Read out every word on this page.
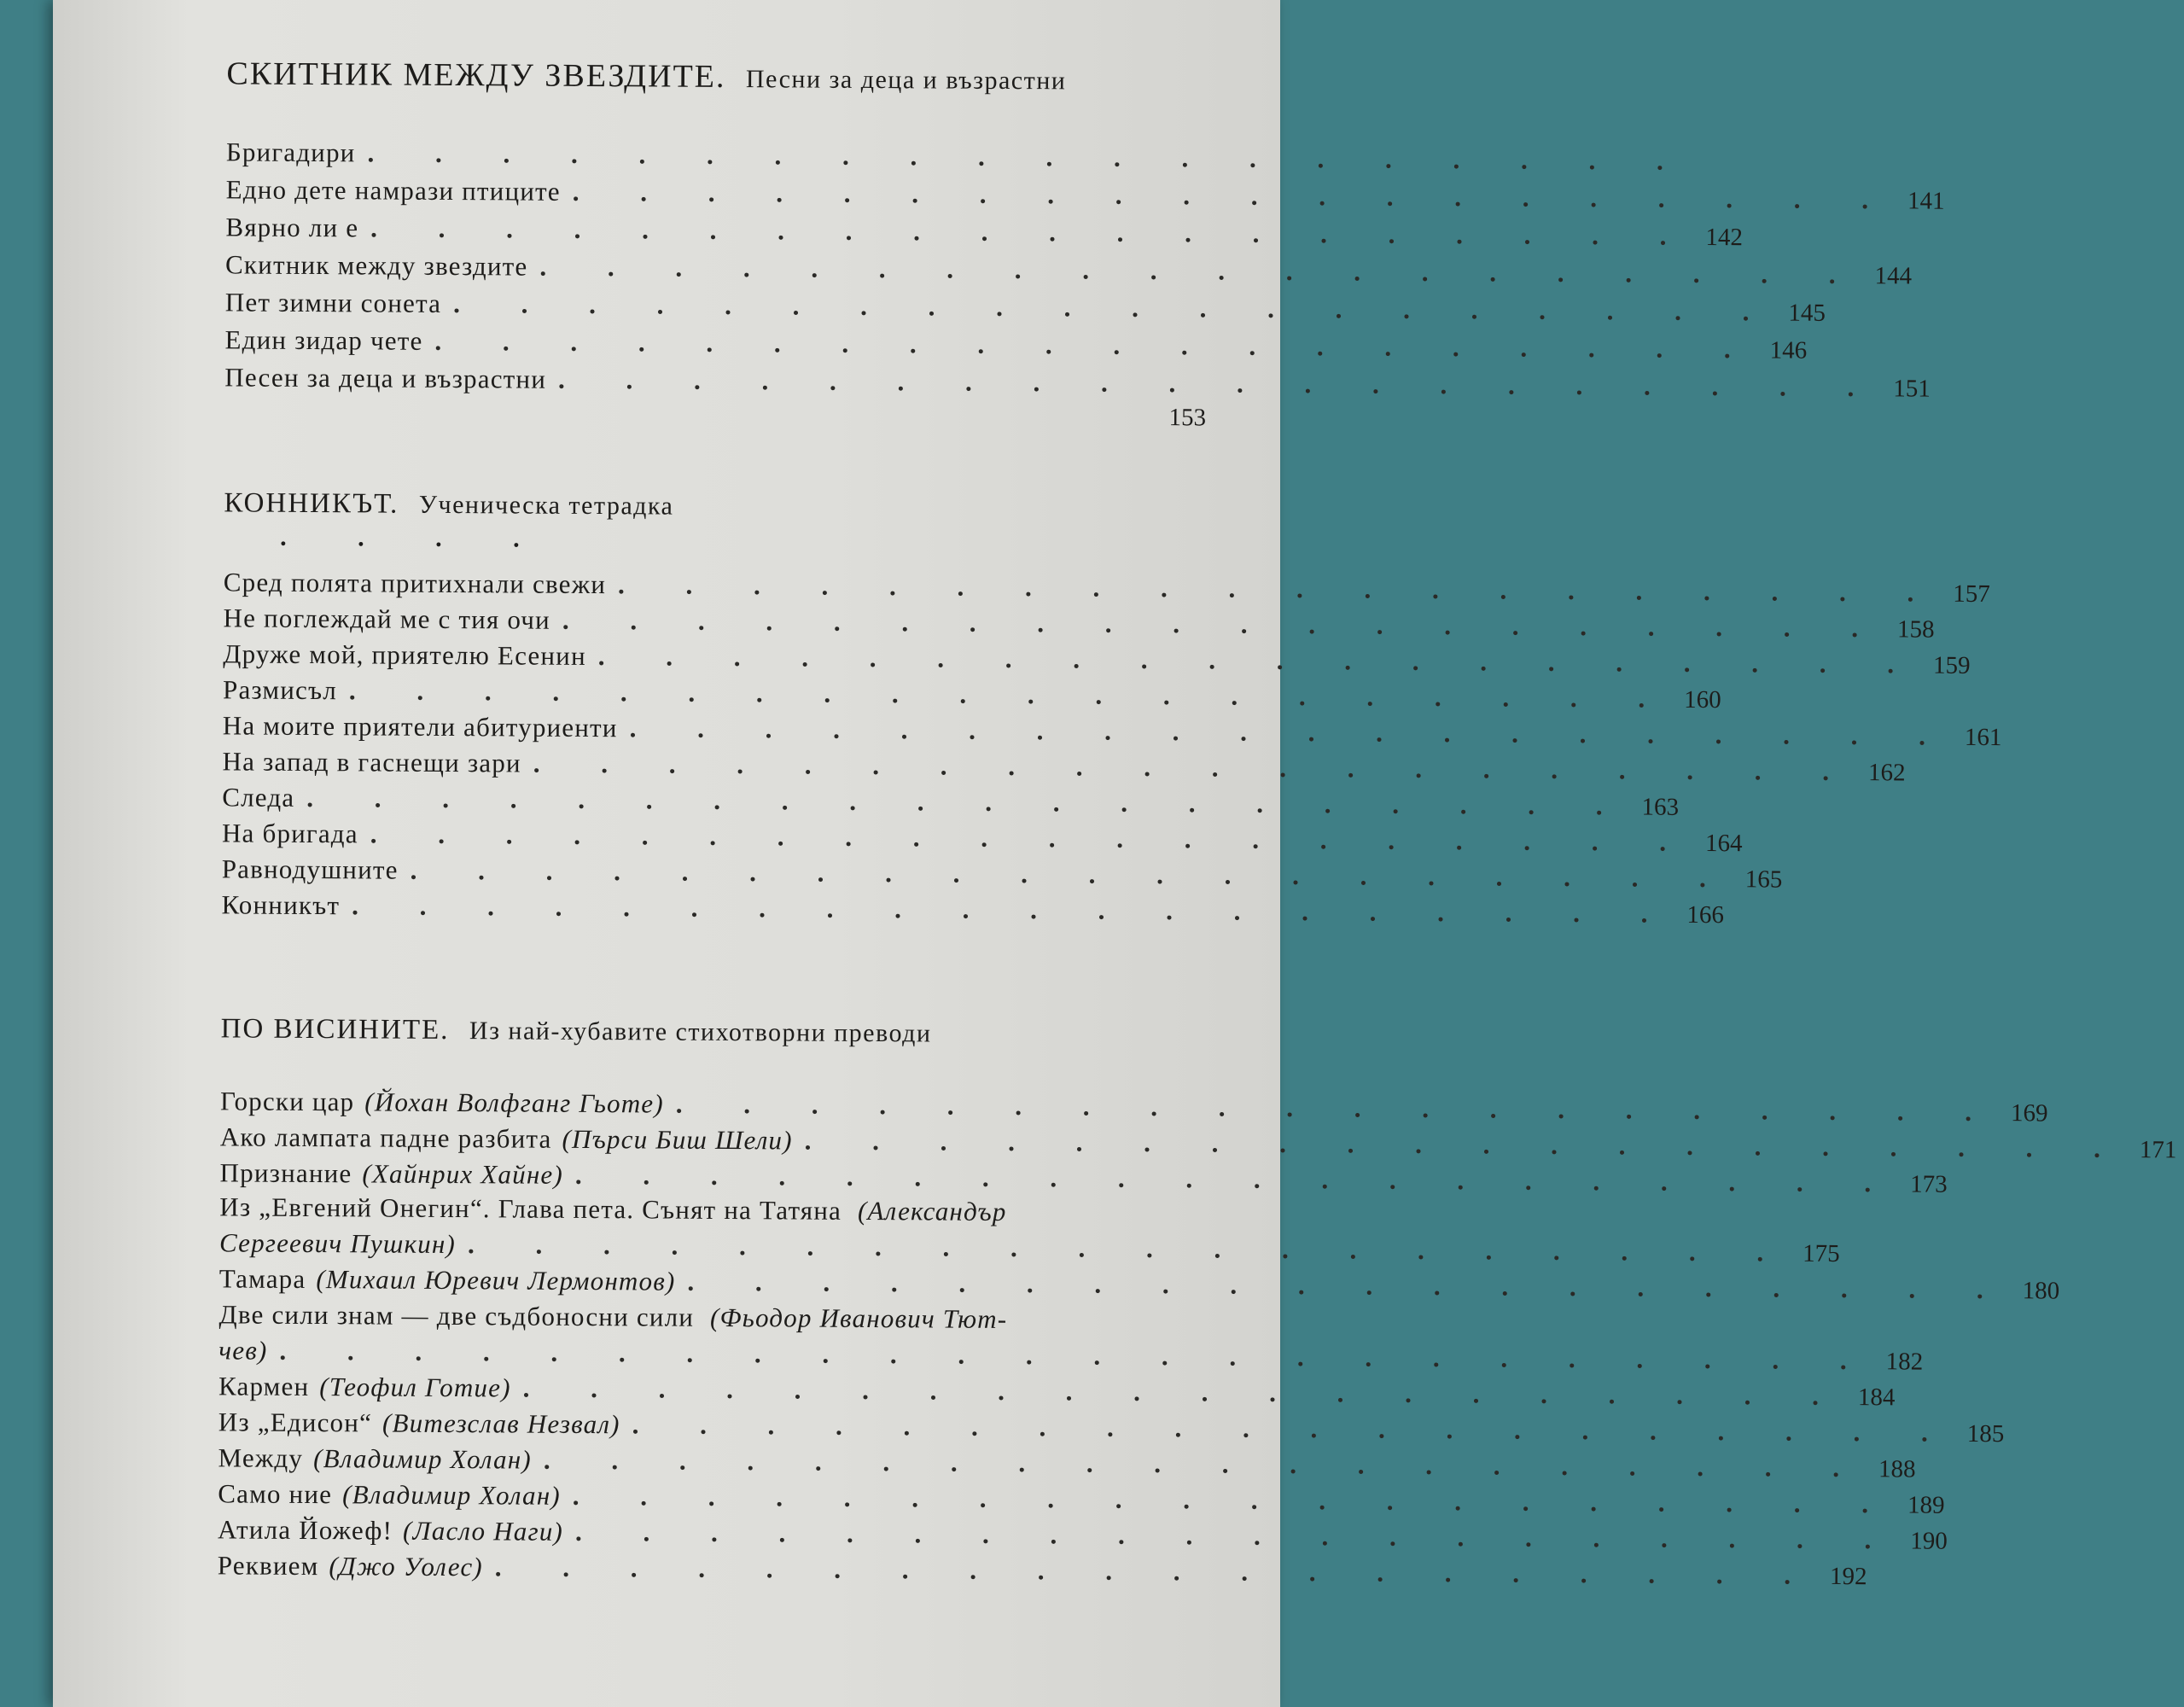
СКИТНИК МЕЖДУ ЗВЕЗДИТЕ. Песни за деца и възрастни
Бригадири . . . . . . . . . . . . . . . . . . . .
Едно дете намрази птиците . . . . . . . . . . . . . . . . . . . . 141
Вярно ли е . . . . . . . . . . . . . . . . . . . . 142
Скитник между звездите . . . . . . . . . . . . . . . . . . . . 144
Пет зимни сонета . . . . . . . . . . . . . . . . . . . . 145
Един зидар чете . . . . . . . . . . . . . . . . . . . . 146
Песен за деца и възрастни . . . . . . . . . . . . . . . . . . . . 151
153
КОННИКЪТ. Ученическа тетрадка
. . . .
Сред полята притихнали свежи . . . . . . . . . . . . . . . . . . . . 157
Не поглеждай ме с тия очи . . . . . . . . . . . . . . . . . . . . 158
Друже мой, приятелю Есенин . . . . . . . . . . . . . . . . . . . . 159
Размисъл . . . . . . . . . . . . . . . . . . . . 160
На моите приятели абитуриенти . . . . . . . . . . . . . . . . . . . . 161
На запад в гаснещи зари . . . . . . . . . . . . . . . . . . . . 162
Следа . . . . . . . . . . . . . . . . . . . . 163
На бригада . . . . . . . . . . . . . . . . . . . . 164
Равнодушните . . . . . . . . . . . . . . . . . . . . 165
Конникът . . . . . . . . . . . . . . . . . . . . 166
ПО ВИСИНИТЕ. Из най-хубавите стихотворни преводи
Горски цар (Йохан Волфганг Гьоте) . . . . . . . . . . . . . . . . . . . . 169
Ако лампата падне разбита (Пърси Биш Шели) . . . . . . . . . . . . . . . . . . . . 171
Признание (Хайнрих Хайне) . . . . . . . . . . . . . . . . . . . . 173
Из „Евгений Онегин“. Глава пета. Сънят на Татяна (Александър
Сергеевич Пушкин) . . . . . . . . . . . . . . . . . . . . 175
Тамара (Михаил Юревич Лермонтов) . . . . . . . . . . . . . . . . . . . . 180
Две сили знам — две съдбоносни сили (Фьодор Иванович Тют-
чев) . . . . . . . . . . . . . . . . . . . . . . . . 182
Кармен (Теофил Готие) . . . . . . . . . . . . . . . . . . . . 184
Из „Едисон“ (Витезслав Незвал) . . . . . . . . . . . . . . . . . . . . 185
Между (Владимир Холан) . . . . . . . . . . . . . . . . . . . . 188
Само ние (Владимир Холан) . . . . . . . . . . . . . . . . . . . . 189
Атила Йожеф! (Ласло Наги) . . . . . . . . . . . . . . . . . . . . 190
Реквием (Джо Уолес) . . . . . . . . . . . . . . . . . . . . 192
